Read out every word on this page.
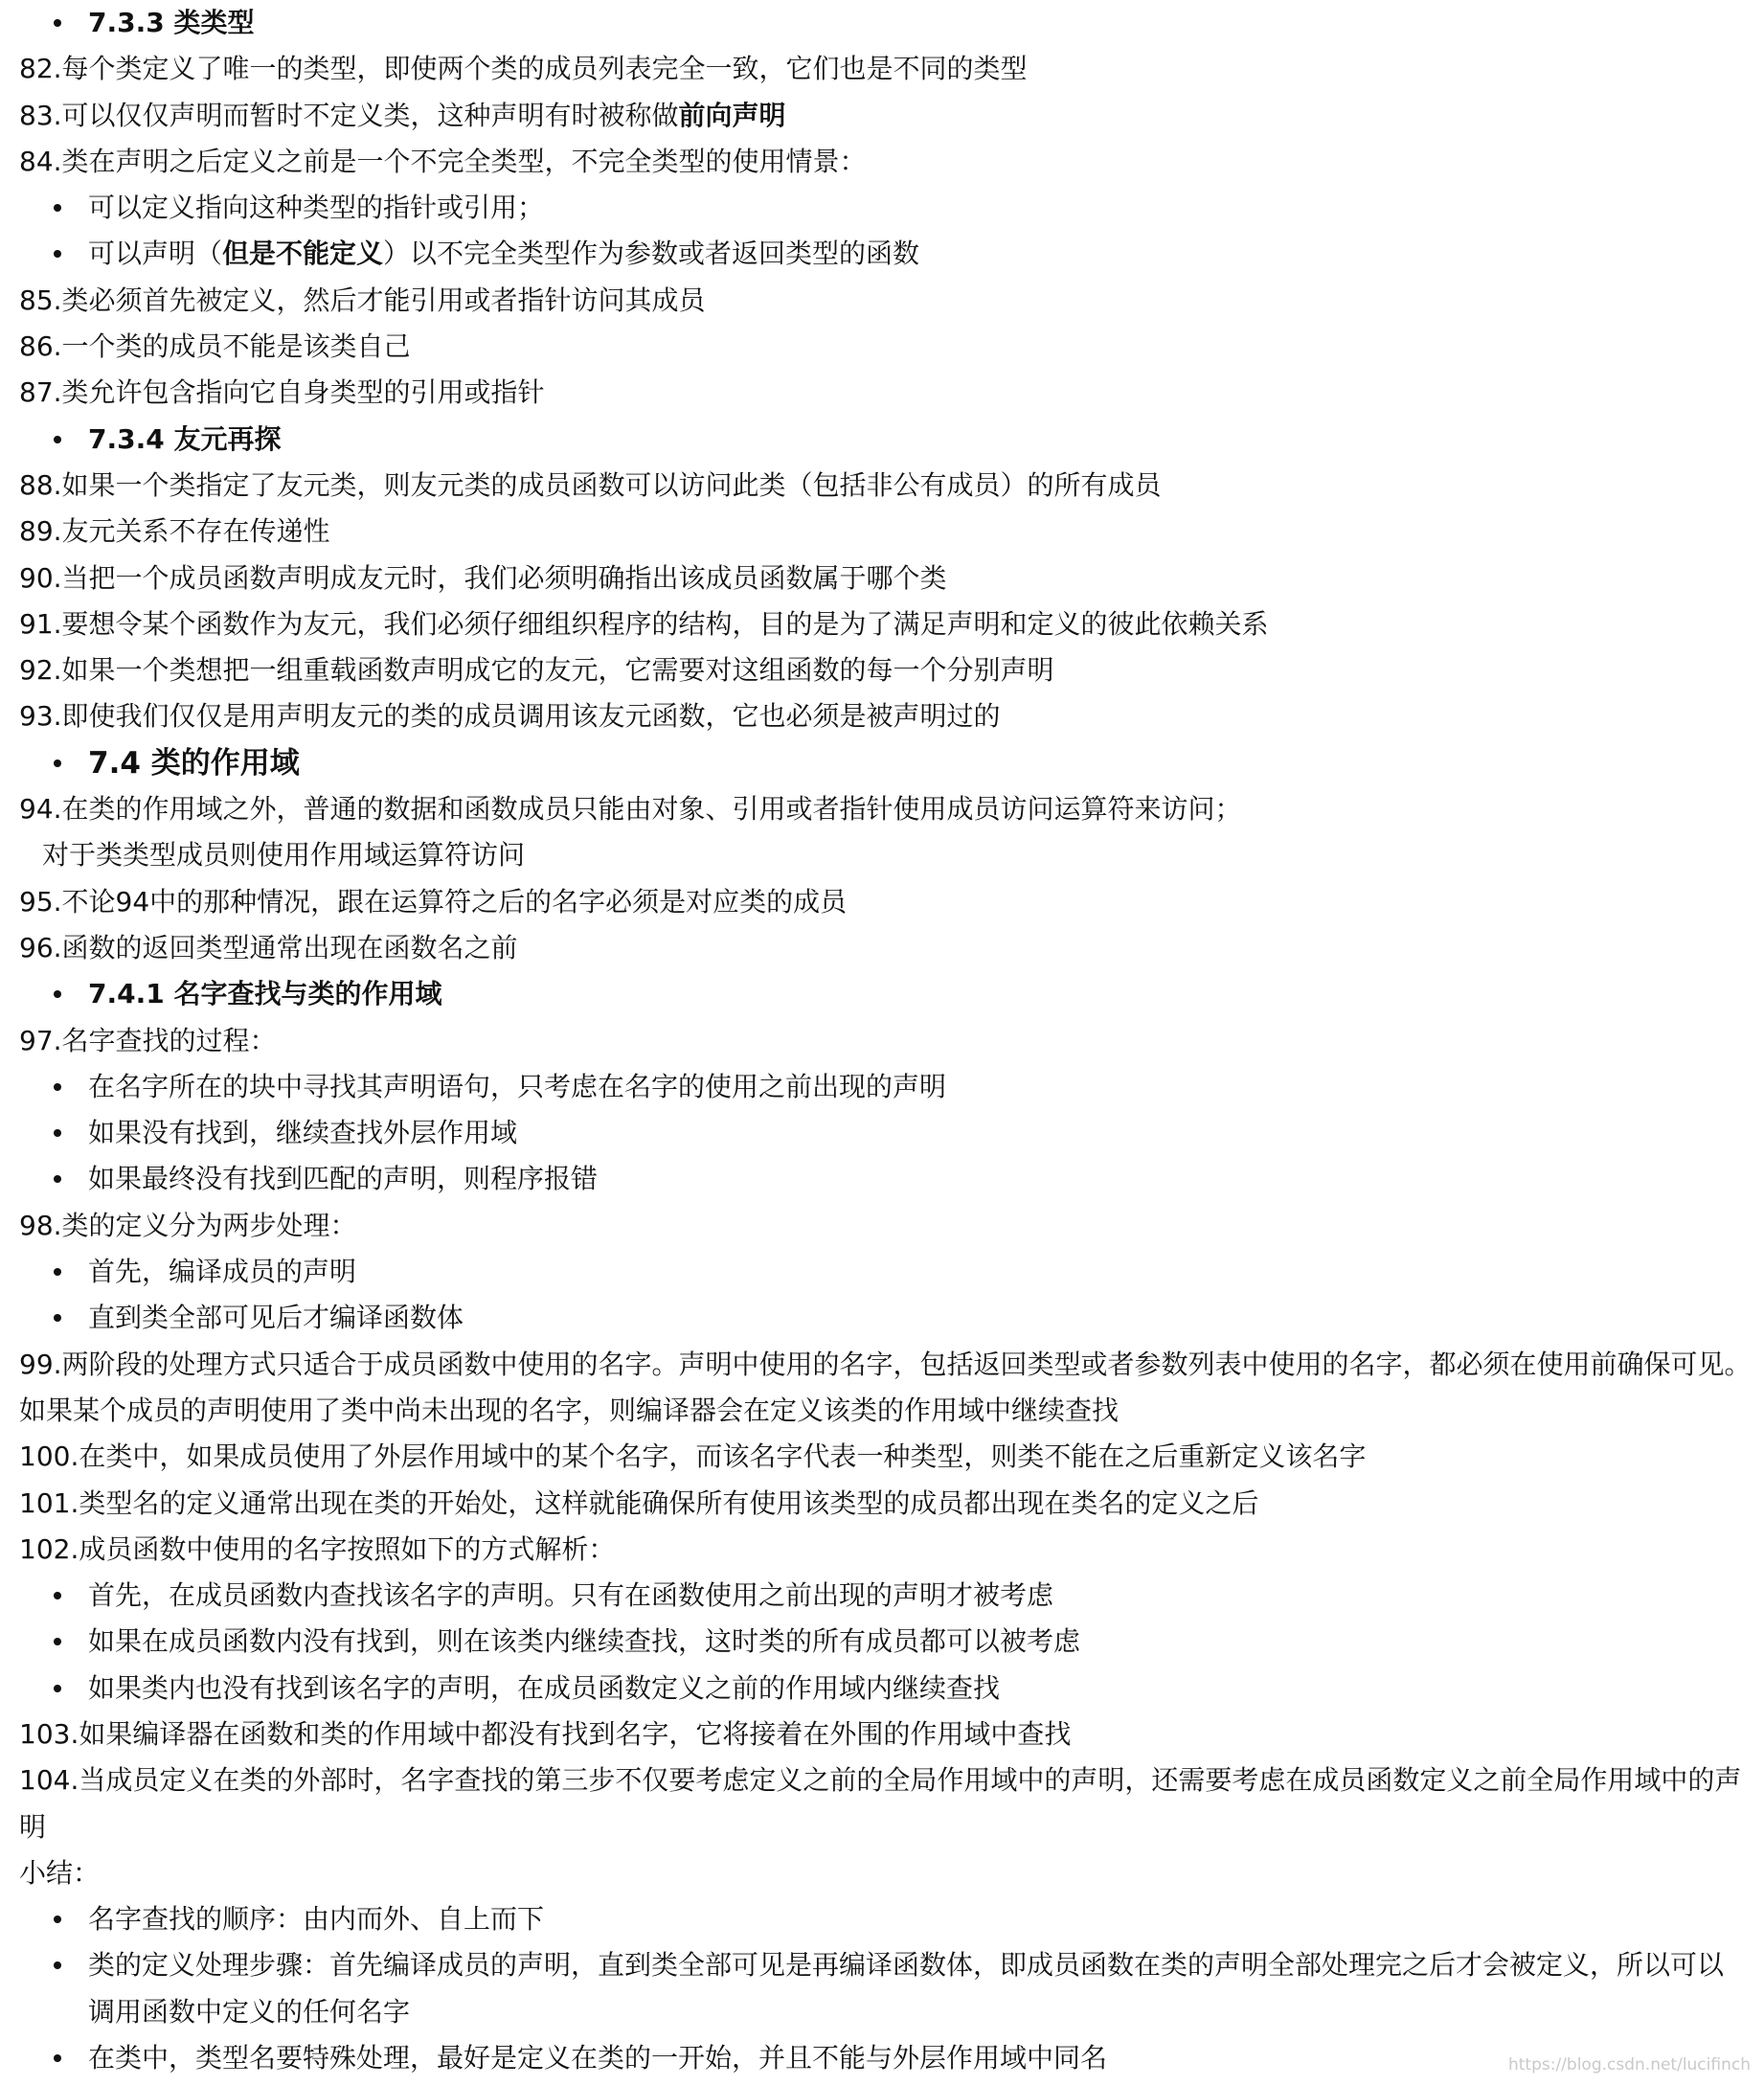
7.3.3 类类型
82.每个类定义了唯一的类型，即使两个类的成员列表完全一致，它们也是不同的类型
83.可以仅仅声明而暂时不定义类，这种声明有时被称做前向声明
84.类在声明之后定义之前是一个不完全类型，不完全类型的使用情景：
可以定义指向这种类型的指针或引用；
可以声明（但是不能定义）以不完全类型作为参数或者返回类型的函数
85.类必须首先被定义，然后才能引用或者指针访问其成员
86.一个类的成员不能是该类自己
87.类允许包含指向它自身类型的引用或指针
7.3.4 友元再探
88.如果一个类指定了友元类，则友元类的成员函数可以访问此类（包括非公有成员）的所有成员
89.友元关系不存在传递性
90.当把一个成员函数声明成友元时，我们必须明确指出该成员函数属于哪个类
91.要想令某个函数作为友元，我们必须仔细组织程序的结构，目的是为了满足声明和定义的彼此依赖关系
92.如果一个类想把一组重载函数声明成它的友元，它需要对这组函数的每一个分别声明
93.即使我们仅仅是用声明友元的类的成员调用该友元函数，它也必须是被声明过的
7.4 类的作用域
94.在类的作用域之外，普通的数据和函数成员只能由对象、引用或者指针使用成员访问运算符来访问；
对于类类型成员则使用作用域运算符访问
95.不论94中的那种情况，跟在运算符之后的名字必须是对应类的成员
96.函数的返回类型通常出现在函数名之前
7.4.1 名字查找与类的作用域
97.名字查找的过程：
在名字所在的块中寻找其声明语句，只考虑在名字的使用之前出现的声明
如果没有找到，继续查找外层作用域
如果最终没有找到匹配的声明，则程序报错
98.类的定义分为两步处理：
首先，编译成员的声明
直到类全部可见后才编译函数体
99.两阶段的处理方式只适合于成员函数中使用的名字。声明中使用的名字，包括返回类型或者参数列表中使用的名字，都必须在使用前确保可见。
如果某个成员的声明使用了类中尚未出现的名字，则编译器会在定义该类的作用域中继续查找
100.在类中，如果成员使用了外层作用域中的某个名字，而该名字代表一种类型，则类不能在之后重新定义该名字
101.类型名的定义通常出现在类的开始处，这样就能确保所有使用该类型的成员都出现在类名的定义之后
102.成员函数中使用的名字按照如下的方式解析：
首先，在成员函数内查找该名字的声明。只有在函数使用之前出现的声明才被考虑
如果在成员函数内没有找到，则在该类内继续查找，这时类的所有成员都可以被考虑
如果类内也没有找到该名字的声明，在成员函数定义之前的作用域内继续查找
103.如果编译器在函数和类的作用域中都没有找到名字，它将接着在外围的作用域中查找
104.当成员定义在类的外部时，名字查找的第三步不仅要考虑定义之前的全局作用域中的声明，还需要考虑在成员函数定义之前全局作用域中的声
明
小结：
名字查找的顺序：由内而外、自上而下
类的定义处理步骤：首先编译成员的声明，直到类全部可见是再编译函数体，即成员函数在类的声明全部处理完之后才会被定义，所以可以
调用函数中定义的任何名字
在类中，类型名要特殊处理，最好是定义在类的一开始，并且不能与外层作用域中同名	https://blog.csdn.net/lucifinch
